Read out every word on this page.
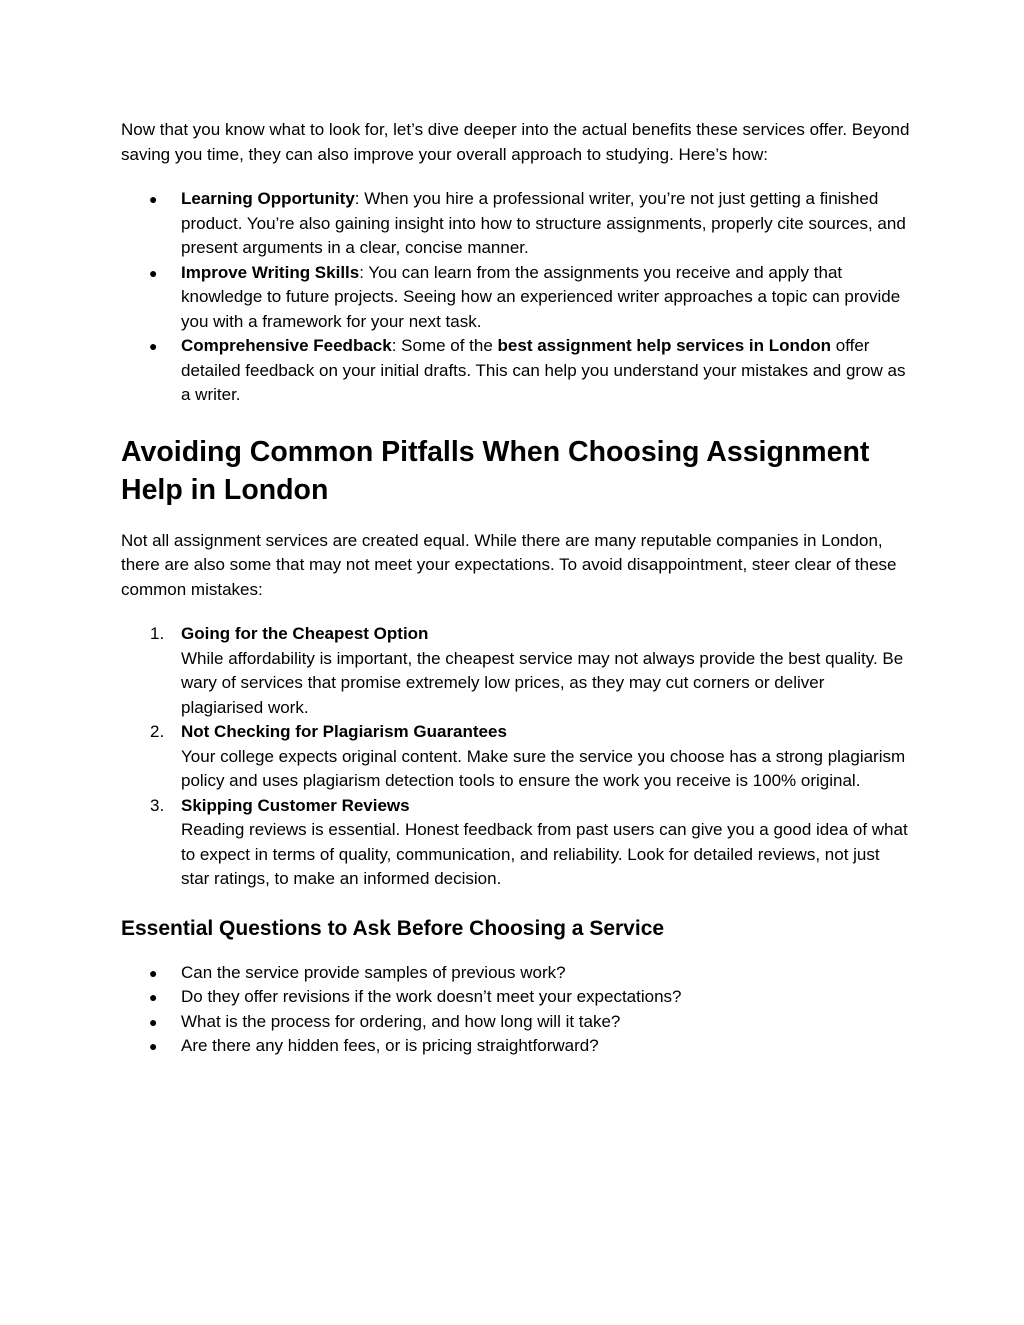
Now that you know what to look for, let’s dive deeper into the actual benefits these services offer. Beyond saving you time, they can also improve your overall approach to studying. Here’s how:

● Learning Opportunity: When you hire a professional writer, you’re not just getting a finished product. You’re also gaining insight into how to structure assignments, properly cite sources, and present arguments in a clear, concise manner.
● Improve Writing Skills: You can learn from the assignments you receive and apply that knowledge to future projects. Seeing how an experienced writer approaches a topic can provide you with a framework for your next task.
● Comprehensive Feedback: Some of the best assignment help services in London offer detailed feedback on your initial drafts. This can help you understand your mistakes and grow as a writer.
Avoiding Common Pitfalls When Choosing Assignment Help in London

Not all assignment services are created equal. While there are many reputable companies in London, there are also some that may not meet your expectations. To avoid disappointment, steer clear of these common mistakes:

1. Going for the Cheapest Option
While affordability is important, the cheapest service may not always provide the best quality. Be wary of services that promise extremely low prices, as they may cut corners or deliver plagiarised work.
2. Not Checking for Plagiarism Guarantees
Your college expects original content. Make sure the service you choose has a strong plagiarism policy and uses plagiarism detection tools to ensure the work you receive is 100% original.
3. Skipping Customer Reviews
Reading reviews is essential. Honest feedback from past users can give you a good idea of what to expect in terms of quality, communication, and reliability. Look for detailed reviews, not just star ratings, to make an informed decision.
Essential Questions to Ask Before Choosing a Service
● Can the service provide samples of previous work?
● Do they offer revisions if the work doesn’t meet your expectations?
● What is the process for ordering, and how long will it take?
● Are there any hidden fees, or is pricing straightforward?
